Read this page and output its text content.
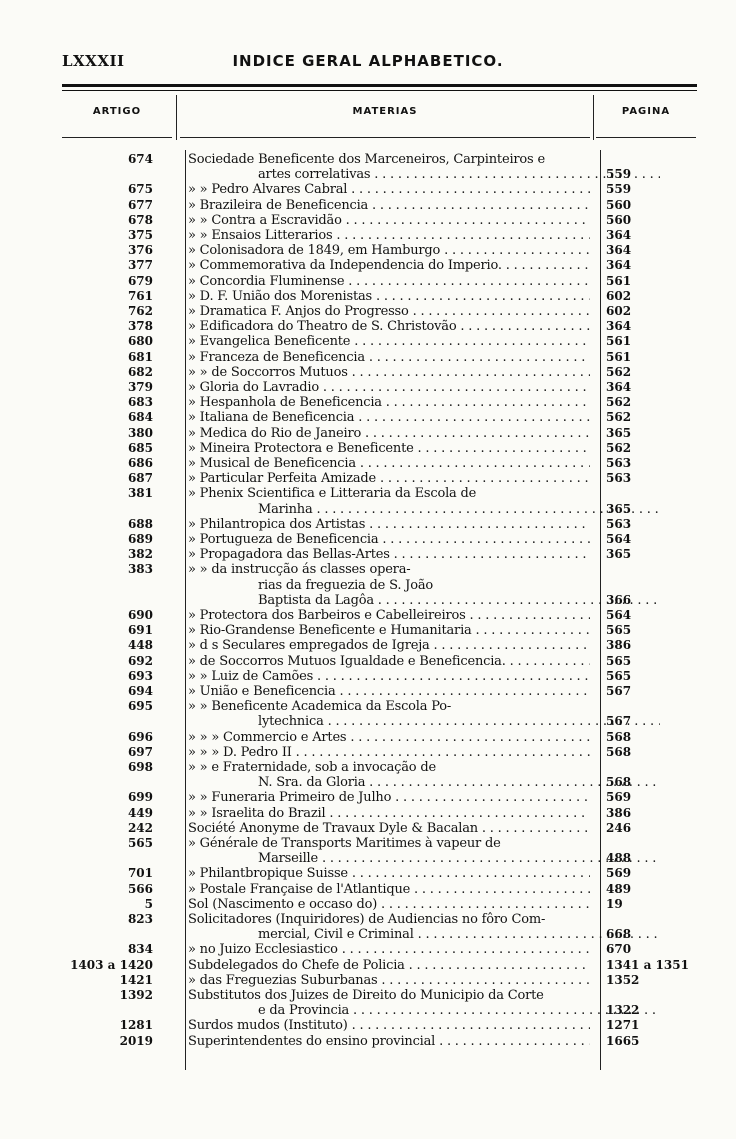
LXXXII	INDICE GERAL ALPHABETICO.
ARTIGO	MATERIAS	PAGINA
674	Sociedade Beneficente dos Marceneiros, Carpinteiros e
artes correlativas . . .	559
675	» » Pedro Alvares Cabral . . .	559
677	» Brazileira de Beneficencia . . .	560
678	» » Contra a Escravidão . . .	560
375	» » Ensaios Litterarios . . .	364
376	» Colonisadora de 1849, em Hamburgo . . .	364
377	» Commemorativa da Independencia do Imperio. . . .	364
679	» Concordia Fluminense . . .	561
761	» D. F. União dos Morenistas . . .	602
762	» Dramatica F. Anjos do Progresso . . .	602
378	» Edificadora do Theatro de S. Christovão . . .	364
680	» Evangelica Beneficente . . .	561
681	» Franceza de Beneficencia . . .	561
682	» » de Soccorros Mutuos . . .	562
379	» Gloria do Lavradio . . .	364
683	» Hespanhola de Beneficencia . . .	562
684	» Italiana de Beneficencia . . .	562
380	» Medica do Rio de Janeiro . . .	365
685	» Mineira Protectora e Beneficente . . .	562
686	» Musical de Beneficencia . . .	563
687	» Particular Perfeita Amizade . . .	563
381	» Phenix Scientifica e Litteraria da Escola de
Marinha . . .	365
688	» Philantropica dos Artistas . . .	563
689	» Portugueza de Beneficencia . . .	564
382	» Propagadora das Bellas-Artes . . .	365
383	» » da instrucção ás classes opera-
rias da freguezia de S. João
Baptista da Lagôa . . .	366
690	» Protectora dos Barbeiros e Cabelleireiros . . .	564
691	» Rio-Grandense Beneficente e Humanitaria . . .	565
448	» d s Seculares empregados de Igreja . . .	386
692	» de Soccorros Mutuos Igualdade e Beneficencia. . . .	565
693	» » Luiz de Camões . . .	565
694	» União e Beneficencia . . .	567
695	» » Beneficente Academica da Escola Po-
lytechnica . . .	567
696	» » » Commercio e Artes . . .	568
697	» » » D. Pedro II . . .	568
698	» » e Fraternidade, sob a invocação de
N. Sra. da Gloria . . .	568
699	» » Funeraria Primeiro de Julho . . .	569
449	» » Israelita do Brazil . . .	386
242	Société Anonyme de Travaux Dyle & Bacalan . . .	246
565	» Générale de Transports Maritimes à vapeur de
Marseille . . .	488
701	» Philantbropique Suisse . . .	569
566	» Postale Française de l'Atlantique . . .	489
5	Sol (Nascimento e occaso do) . . .	19
823	Solicitadores (Inquiridores) de Audiencias no fôro Com-
mercial, Civil e Criminal . . .	668
834	» no Juizo Ecclesiastico . . .	670
1403 a 1420	Subdelegados do Chefe de Policia . . .	1341 a 1351
1421	» das Freguezias Suburbanas . . .	1352
1392	Substitutos dos Juizes de Direito do Municipio da Corte
e da Provincia . . .	1322
1281	Surdos mudos (Instituto) . . .	1271
2019	Superintendentes do ensino provincial . . .	1665
